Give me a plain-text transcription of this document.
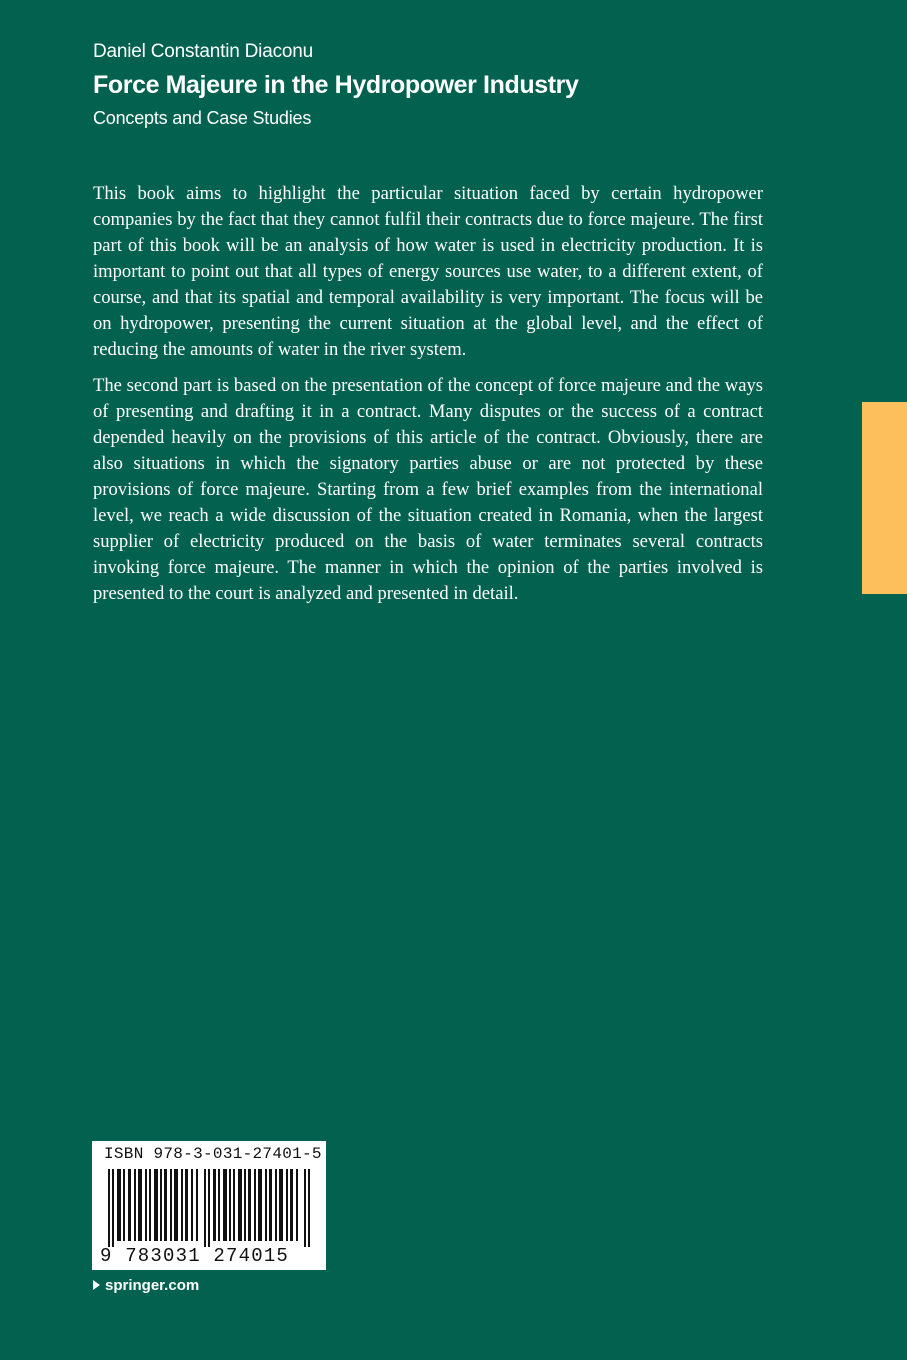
Daniel Constantin Diaconu
Force Majeure in the Hydropower Industry
Concepts and Case Studies

This book aims to highlight the particular situation faced by certain hydropower companies by the fact that they cannot fulfil their contracts due to force majeure. The first part of this book will be an analysis of how water is used in electricity production. It is important to point out that all types of energy sources use water, to a different extent, of course, and that its spatial and temporal availability is very important. The focus will be on hydropower, presenting the current situation at the global level, and the effect of reducing the amounts of water in the river system.

The second part is based on the presentation of the concept of force majeure and the ways of presenting and drafting it in a contract. Many disputes or the success of a contract depended heavily on the provisions of this article of the contract. Obviously, there are also situations in which the signatory parties abuse or are not protected by these provisions of force majeure. Starting from a few brief examples from the international level, we reach a wide discussion of the situation created in Romania, when the largest supplier of electricity produced on the basis of water terminates several contracts invoking force majeure. The manner in which the opinion of the parties involved is presented to the court is analyzed and presented in detail.

ISBN 978-3-031-27401-5
9 783031 274015
springer.com
